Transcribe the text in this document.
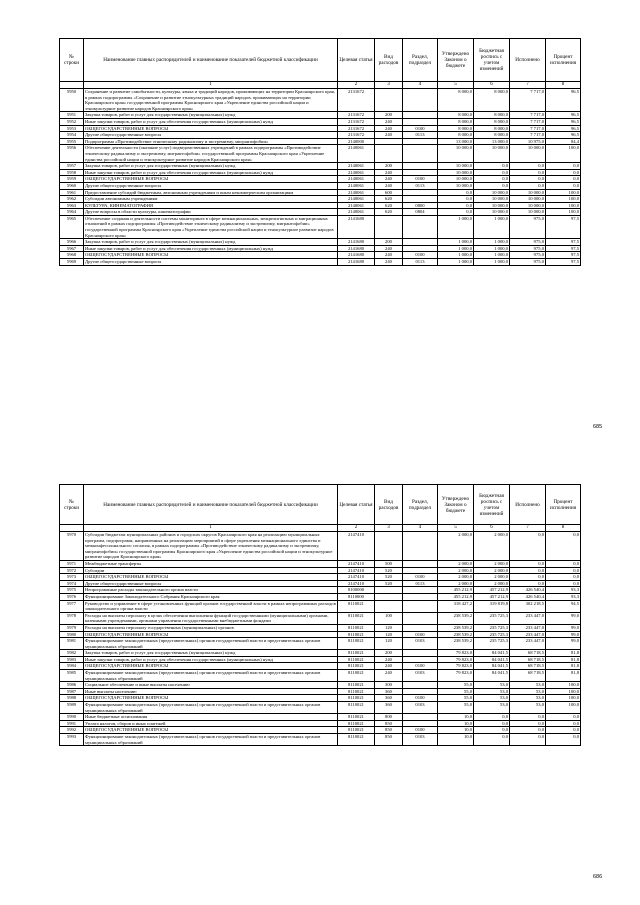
№ строки	Наименование главных распорядителей и наименование показателей бюджетной классификации	Целевая статья	Вид расходов	Раздел, подраздел	Утверждено Законом о бюджете	Бюджетная роспись с учетом изменений	Исполнено	Процент исполнения
	1	2	3	4	5	6	7	8
5950	Сохранение и развитие самобытности, культуры, языка и традиций народов, проживающих на территории Красноярского края, в рамках подпрограммы «Сохранение и развитие этнокультурных традиций народов, проживающих на территории Красноярского края» государственной программы Красноярского края «Укрепление единства российской нации и этнокультурное развитие народов Красноярского края»	2131672			8 000,0	8 000,0	7 717,0	96,5
5951	Закупка товаров, работ и услуг для государственных (муниципальных) нужд	2131672	200		8 000,0	8 000,0	7 717,0	96,5
5952	Иные закупки товаров, работ и услуг для обеспечения государственных (муниципальных) нужд	2131672	240		8 000,0	8 000,0	7 717,0	96,5
5953	ОБЩЕГОСУДАРСТВЕННЫЕ ВОПРОСЫ	2131672	240	0100	8 000,0	8 000,0	7 717,0	96,5
5954	Другие общегосударственные вопросы	2131672	240	0113	8 000,0	8 000,0	7 717,0	96,5
5955	Подпрограмма «Противодействие этническому радикализму и экстремизму, мигрантофобии»	2140000			13 000,0	13 000,0	10 975,0	84,4
5956	Обеспечение деятельности (оказание услуг) подведомственных учреждений в рамках подпрограммы «Противодействие этническому радикализму и экстремизму, мигрантофобии» государственной программы Красноярского края «Укрепление единства российской нации и этнокультурное развитие народов Красноярского края»	2140061			10 000,0	10 000,0	10 000,0	100,0
5957	Закупка товаров, работ и услуг для государственных (муниципальных) нужд	2140061	200		10 000,0	0,0	0,0	0,0
5958	Иные закупки товаров, работ и услуг для обеспечения государственных (муниципальных) нужд	2140061	240		10 000,0	0,0	0,0	0,0
5959	ОБЩЕГОСУДАРСТВЕННЫЕ ВОПРОСЫ	2140061	240	0100	10 000,0	0,0	0,0	0,0
5960	Другие общегосударственные вопросы	2140061	240	0113	10 000,0	0,0	0,0	0,0
5961	Предоставление субсидий бюджетным, автономным учреждениям и иным некоммерческим организациям	2140061	600		0,0	10 000,0	10 000,0	100,0
5962	Субсидии автономным учреждениям	2140061	620		0,0	10 000,0	10 000,0	100,0
5963	КУЛЬТУРА, КИНЕМАТОГРАФИЯ	2140061	620	0800	0,0	10 000,0	10 000,0	100,0
5964	Другие вопросы в области культуры, кинематографии	2140061	620	0804	0,0	10 000,0	10 000,0	100,0
5965	Обеспечение создания и деятельности системы мониторинга в сфере межнациональных, межрелигиозных и миграционных отношений в рамках подпрограммы «Противодействие этническому радикализму и экстремизму, мигрантофобии» государственной программы Красноярского края «Укрепление единства российской нации и этнокультурное развитие народов Красноярского края»	2141680			1 000,0	1 000,0	975,0	97,5
5966	Закупка товаров, работ и услуг для государственных (муниципальных) нужд	2141680	200		1 000,0	1 000,0	975,0	97,5
5967	Иные закупки товаров, работ и услуг для обеспечения государственных (муниципальных) нужд	2141680	240		1 000,0	1 000,0	975,0	97,5
5968	ОБЩЕГОСУДАРСТВЕННЫЕ ВОПРОСЫ	2141680	240	0100	1 000,0	1 000,0	975,0	97,5
5969	Другие общегосударственные вопросы	2141680	240	0113	1 000,0	1 000,0	975,0	97,5
685
№ строки	Наименование главных распорядителей и наименование показателей бюджетной классификации	Целевая статья	Вид расходов	Раздел, подраздел	Утверждено Законом о бюджете	Бюджетная роспись с учетом изменений	Исполнено	Процент исполнения
	1	2	3	4	5	6	7	8
5970	Субсидии бюджетам муниципальных районов и городских округов Красноярского края на реализацию муниципальных программ, подпрограмм, направленных на реализацию мероприятий в сфере укрепления межнационального единства и межконфессионального согласия, в рамках подпрограммы «Противодействие этническому радикализму и экстремизму, мигрантофобии» государственной программы Красноярского края «Укрепление единства российской нации и этнокультурное развитие народов Красноярского края»	2147410			2 000,0	2 000,0	0,0	0,0
5971	Межбюджетные трансферты	2147410	500		2 000,0	2 000,0	0,0	0,0
5972	Субсидии	2147410	520		2 000,0	2 000,0	0,0	0,0
5973	ОБЩЕГОСУДАРСТВЕННЫЕ ВОПРОСЫ	2147410	520	0100	2 000,0	2 000,0	0,0	0,0
5974	Другие общегосударственные вопросы	2147410	520	0113	2 000,0	2 000,0	0,0	0,0
5975	Непрограммные расходы законодательного органа власти	8100000			455 212,9	457 212,9	426 540,4	93,3
5976	Функционирование Законодательного Собрания Красноярского края	8110000			455 212,9	457 212,9	426 540,4	93,3
5977	Руководство и управление в сфере установленных функций органов государственной власти в рамках непрограммных расходов законодательного органа власти	8110021			318 427,2	319 819,8	302 218,5	94,5
5978	Расходы на выплаты персоналу в целях обеспечения выполнения функций государственными (муниципальными) органами, казенными учреждениями, органами управления государственными внебюджетными фондами	8110021	100		238 539,2	235 725,3	233 447,0	99,0
5979	Расходы на выплаты персоналу государственных (муниципальных) органов	8110021	120		238 539,2	235 725,3	233 447,0	99,0
5980	ОБЩЕГОСУДАРСТВЕННЫЕ ВОПРОСЫ	8110021	120	0100	238 539,2	235 725,3	233 447,0	99,0
5981	Функционирование законодательных (представительных) органов государственной власти и представительных органов муниципальных образований	8110021	120	0103	238 539,2	235 725,3	233 447,0	99,0
5982	Закупка товаров, работ и услуг для государственных (муниципальных) нужд	8110021	200		79 823,0	84 041,5	68 718,5	81,8
5983	Иные закупки товаров, работ и услуг для обеспечения государственных (муниципальных) нужд	8110021	240		79 823,0	84 041,5	68 718,5	81,8
5984	ОБЩЕГОСУДАРСТВЕННЫЕ ВОПРОСЫ	8110021	240	0100	79 823,0	84 041,5	68 718,5	81,8
5985	Функционирование законодательных (представительных) органов государственной власти и представительных органов муниципальных образований	8110021	240	0103	79 823,0	84 041,5	68 718,5	81,8
5986	Социальное обеспечение и иные выплаты населению	8110021	300		55,0	53,0	53,0	100,0
5987	Иные выплаты населению	8110021	360		55,0	53,0	53,0	100,0
5988	ОБЩЕГОСУДАРСТВЕННЫЕ ВОПРОСЫ	8110021	360	0100	55,0	53,0	53,0	100,0
5989	Функционирование законодательных (представительных) органов государственной власти и представительных органов муниципальных образований	8110021	360	0103	55,0	53,0	53,0	100,0
5990	Иные бюджетные ассигнования	8110021	800		10,0	0,0	0,0	0,0
5991	Уплата налогов, сборов и иных платежей	8110021	850		10,0	0,0	0,0	0,0
5992	ОБЩЕГОСУДАРСТВЕННЫЕ ВОПРОСЫ	8110021	850	0100	10,0	0,0	0,0	0,0
5993	Функционирование законодательных (представительных) органов государственной власти и представительных органов муниципальных образований	8110021	850	0103	10,0	0,0	0,0	0,0
686
